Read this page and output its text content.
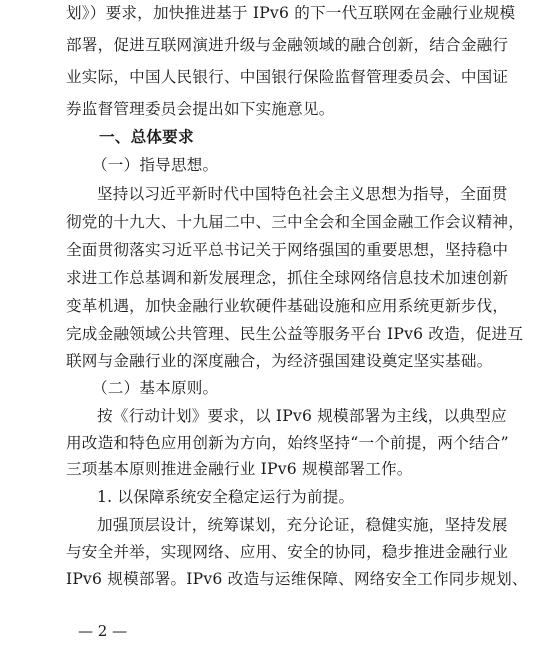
划》）要求，加快推进基于 IPv6 的下一代互联网在金融行业规模
部署，促进互联网演进升级与金融领域的融合创新，结合金融行
业实际，中国人民银行、中国银行保险监督管理委员会、中国证
券监督管理委员会提出如下实施意见。
一、总体要求
（一）指导思想。
坚持以习近平新时代中国特色社会主义思想为指导，全面贯
彻党的十九大、十九届二中、三中全会和全国金融工作会议精神，
全面贯彻落实习近平总书记关于网络强国的重要思想，坚持稳中
求进工作总基调和新发展理念，抓住全球网络信息技术加速创新
变革机遇，加快金融行业软硬件基础设施和应用系统更新步伐，
完成金融领域公共管理、民生公益等服务平台 IPv6 改造，促进互
联网与金融行业的深度融合，为经济强国建设奠定坚实基础。
（二）基本原则。
按《行动计划》要求，以 IPv6 规模部署为主线，以典型应
用改造和特色应用创新为方向，始终坚持“一个前提，两个结合”
三项基本原则推进金融行业 IPv6 规模部署工作。
1. 以保障系统安全稳定运行为前提。
加强顶层设计，统筹谋划，充分论证，稳健实施，坚持发展
与安全并举，实现网络、应用、安全的协同，稳步推进金融行业
IPv6 规模部署。IPv6 改造与运维保障、网络安全工作同步规划、
— 2 —
